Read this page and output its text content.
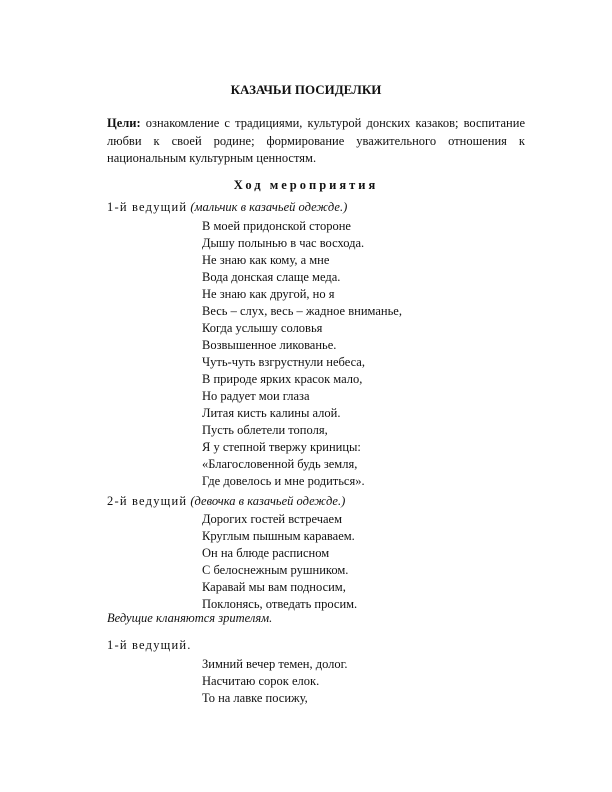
КАЗАЧЬИ ПОСИДЕЛКИ
Цели: ознакомление с традициями, культурой донских казаков; воспитание любви к своей родине; формирование уважительного отношения к национальным культурным ценностям.
Ход мероприятия
1-й ведущий (мальчик в казачьей одежде.)
В моей придонской стороне
Дышу полынью в час восхода.
Не знаю как кому, а мне
Вода донская слаще меда.
Не знаю как другой, но я
Весь – слух, весь – жадное вниманье,
Когда услышу соловья
Возвышенное ликованье.
Чуть-чуть взгрустнули небеса,
В природе ярких красок мало,
Но радует мои глаза
Литая кисть калины алой.
Пусть облетели тополя,
Я у степной твержу криницы:
«Благословенной будь земля,
Где довелось и мне родиться».
2-й ведущий (девочка в казачьей одежде.)
Дорогих гостей встречаем
Круглым пышным караваем.
Он на блюде расписном
С белоснежным рушником.
Каравай мы вам подносим,
Поклонясь, отведать просим.
Ведущие кланяются зрителям.
1-й ведущий.
Зимний вечер темен, долог.
Насчитаю сорок елок.
То на лавке посижу,
